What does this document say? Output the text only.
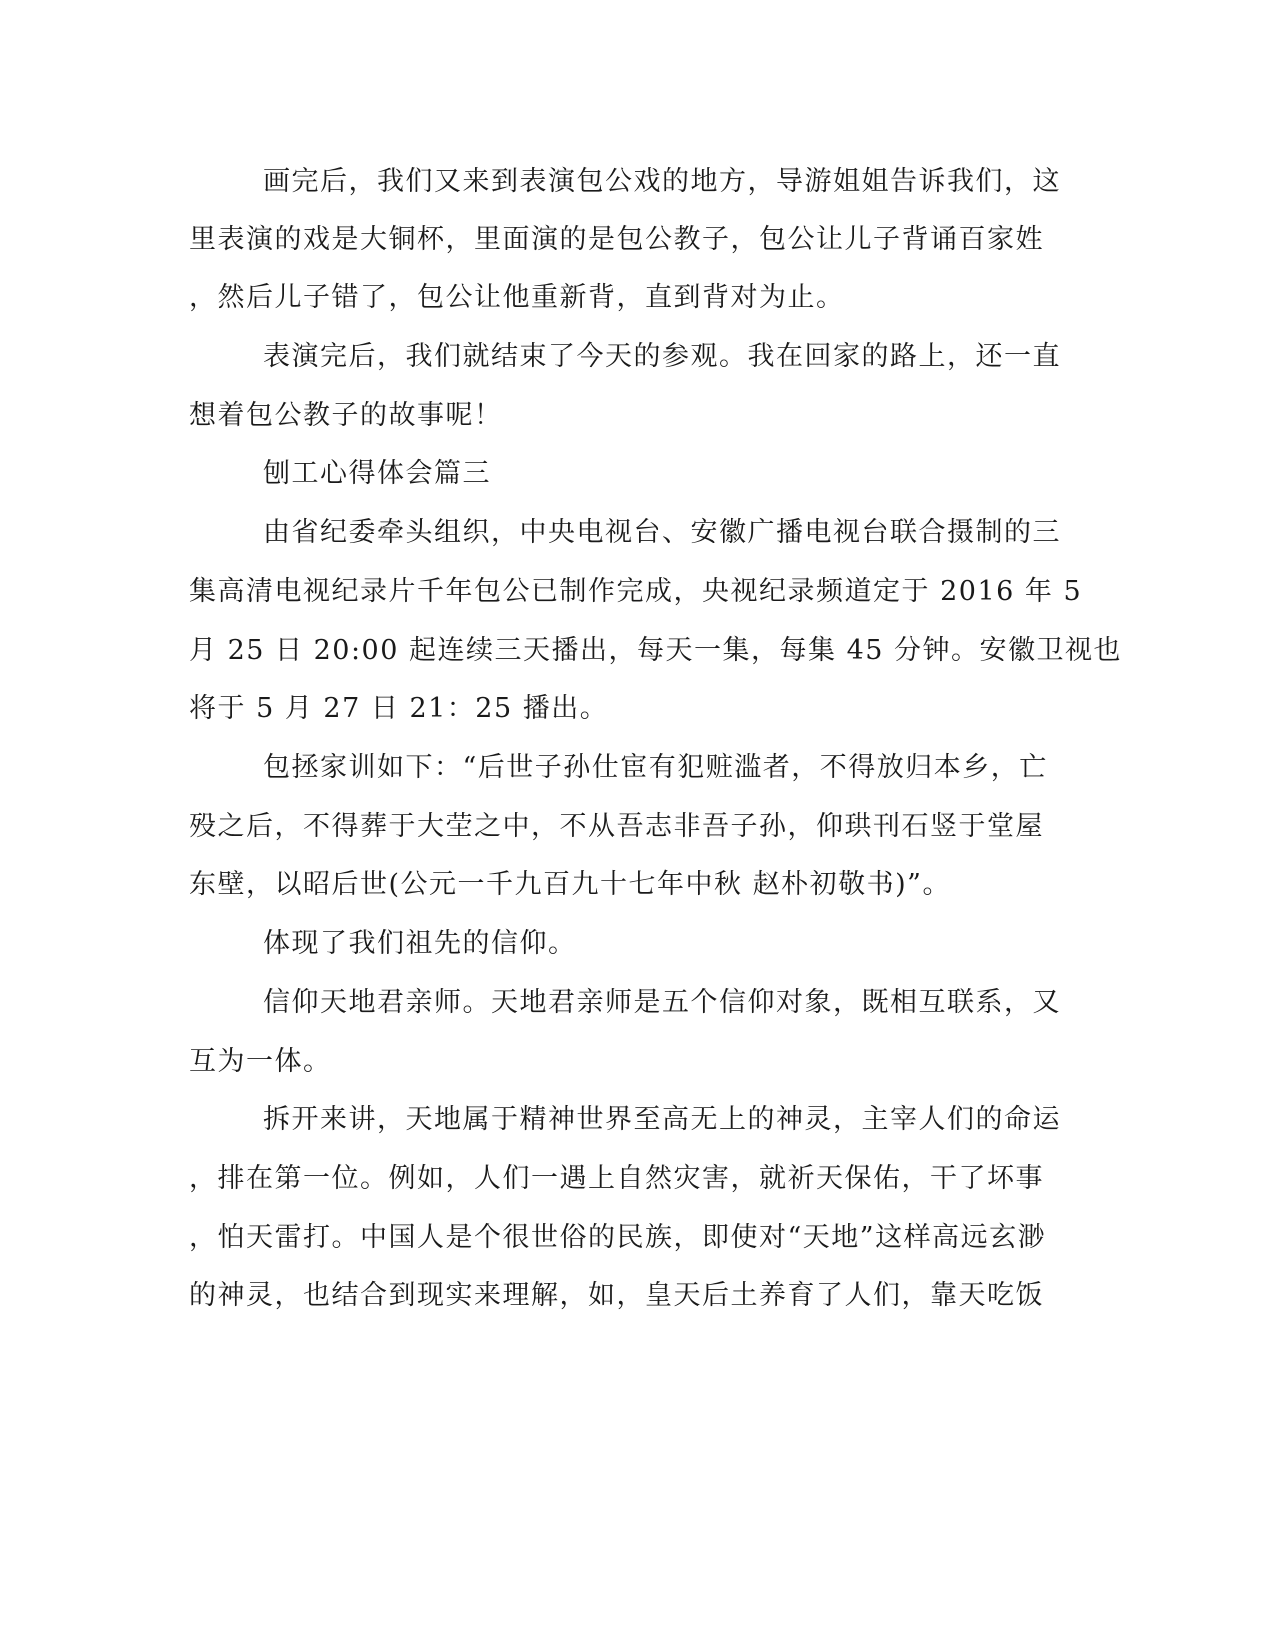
画完后，我们又来到表演包公戏的地方，导游姐姐告诉我们，这

里表演的戏是大铜杯，里面演的是包公教子，包公让儿子背诵百家姓

，然后儿子错了，包公让他重新背，直到背对为止。

表演完后，我们就结束了今天的参观。我在回家的路上，还一直

想着包公教子的故事呢！

刨工心得体会篇三

由省纪委牵头组织，中央电视台、安徽广播电视台联合摄制的三

集高清电视纪录片千年包公已制作完成，央视纪录频道定于 2016 年 5

月 25 日 20:00 起连续三天播出，每天一集，每集 45 分钟。安徽卫视也

将于 5 月 27 日 21：25 播出。

包拯家训如下：“后世子孙仕宦有犯赃滥者，不得放归本乡，亡

殁之后，不得葬于大茔之中，不从吾志非吾子孙，仰珙刊石竖于堂屋

东壁，以昭后世(公元一千九百九十七年中秋 赵朴初敬书)”。

体现了我们祖先的信仰。

信仰天地君亲师。天地君亲师是五个信仰对象，既相互联系，又

互为一体。

拆开来讲，天地属于精神世界至高无上的神灵，主宰人们的命运

，排在第一位。例如，人们一遇上自然灾害，就祈天保佑，干了坏事

，怕天雷打。中国人是个很世俗的民族，即使对“天地”这样高远玄渺

的神灵，也结合到现实来理解，如，皇天后土养育了人们，靠天吃饭
